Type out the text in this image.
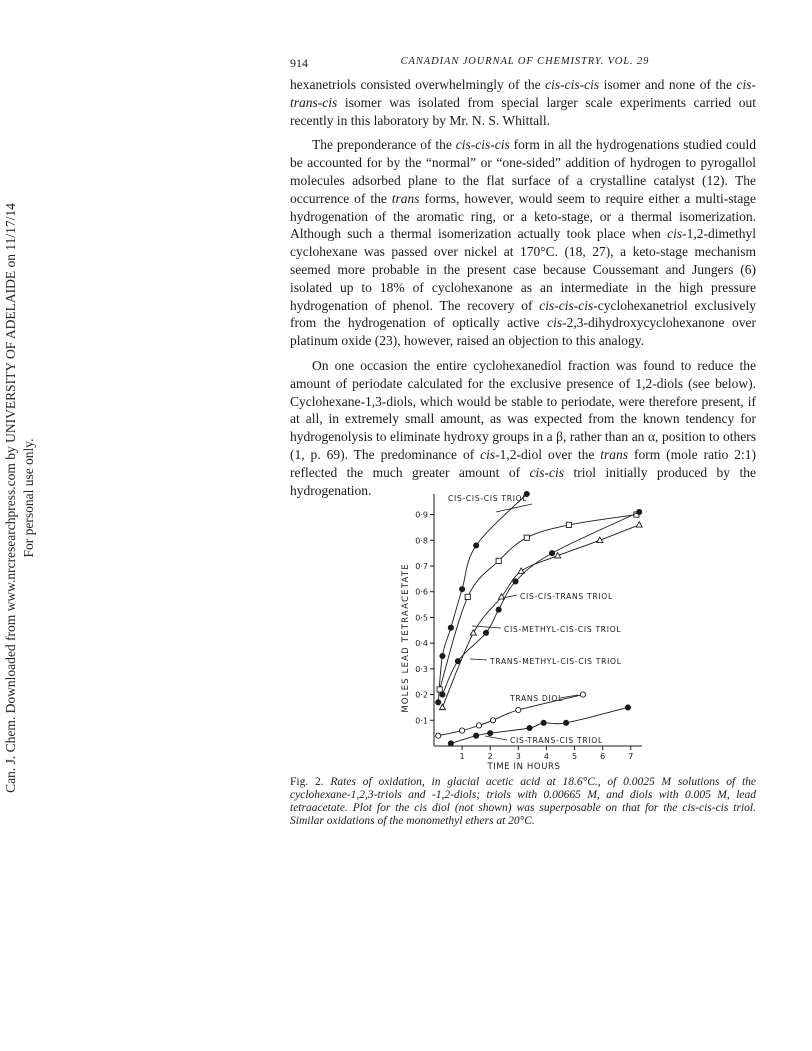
Can. J. Chem. Downloaded from www.nrcresearchpress.com by UNIVERSITY OF ADELAIDE on 11/17/14 For personal use only.
914	CANADIAN JOURNAL OF CHEMISTRY. VOL. 29

hexanetriols consisted overwhelmingly of the cis-cis-cis isomer and none of the cis-trans-cis isomer was isolated from special larger scale experiments carried out recently in this laboratory by Mr. N. S. Whittall.

The preponderance of the cis-cis-cis form in all the hydrogenations studied could be accounted for by the “normal” or “one-sided” addition of hydrogen to pyrogallol molecules adsorbed plane to the flat surface of a crystalline catalyst (12). The occurrence of the trans forms, however, would seem to require either a multi-stage hydrogenation of the aromatic ring, or a keto-stage, or a thermal isomerization. Although such a thermal isomerization actually took place when cis-1,2-dimethyl cyclohexane was passed over nickel at 170°C. (18, 27), a keto-stage mechanism seemed more probable in the present case because Coussemant and Jungers (6) isolated up to 18% of cyclohexanone as an intermediate in the high pressure hydrogenation of phenol. The recovery of cis-cis-cis-cyclohexanetriol exclusively from the hydrogenation of optically active cis-2,3-dihydroxycyclohexanone over platinum oxide (23), however, raised an objection to this analogy.

On one occasion the entire cyclohexanediol fraction was found to reduce the amount of periodate calculated for the exclusive presence of 1,2-diols (see below). Cyclohexane-1,3-diols, which would be stable to periodate, were therefore present, if at all, in extremely small amount, as was expected from the known tendency for hydrogenolysis to eliminate hydroxy groups in a β, rather than an α, position to others (1, p. 69). The predominance of cis-1,2-diol over the trans form (mole ratio 2:1) reflected the much greater amount of cis-cis triol initially produced by the hydrogenation.

0·1
0·2
0·3
0·4
0·5
0·6
0·7
0·8
0·9
1	2	3	4	5	6	7
TIME IN HOURS
MOLES LEAD TETRAACETATE
CIS-CIS-CIS TRIOL
CIS-CIS-TRANS TRIOL
CIS-METHYL-CIS-CIS TRIOL
TRANS-METHYL-CIS-CIS TRIOL
TRANS DIOL
CIS-TRANS-CIS TRIOL
Fig. 2. Rates of oxidation, in glacial acetic acid at 18.6°C., of 0.0025 M solutions of the cyclohexane-1,2,3-triols and -1,2-diols; triols with 0.00665 M, and diols with 0.005 M, lead tetraacetate. Plot for the cis diol (not shown) was superposable on that for the cis-cis-cis triol. Similar oxidations of the monomethyl ethers at 20°C.
